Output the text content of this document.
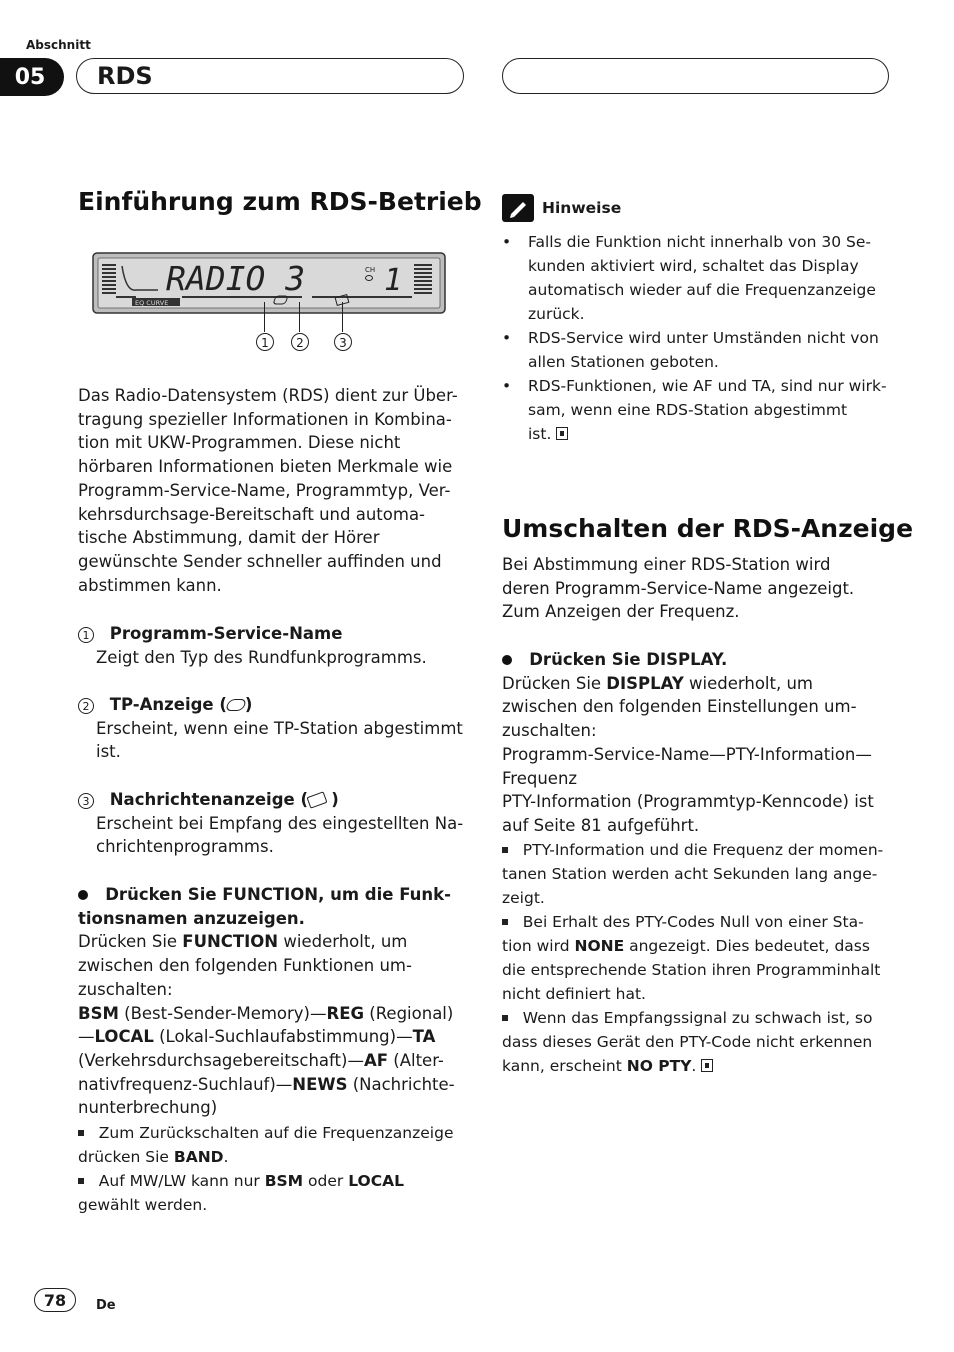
Abschnitt
05	RDS
Einführung zum RDS-Betrieb
EQ CURVE
RADIO 3	CH 1
1	2	3
Das Radio-Datensystem (RDS) dient zur Über-
tragung spezieller Informationen in Kombina-
tion mit UKW-Programmen. Diese nicht
hörbaren Informationen bieten Merkmale wie
Programm-Service-Name, Programmtyp, Ver-
kehrsdurchsage-Bereitschaft und automa-
tische Abstimmung, damit der Hörer
gewünschte Sender schneller auffinden und
abstimmen kann.
1 Programm-Service-Name
Zeigt den Typ des Rundfunkprogramms.
2 TP-Anzeige ( )
Erscheint, wenn eine TP-Station abgestimmt
ist.
3 Nachrichtenanzeige ( )
Erscheint bei Empfang des eingestellten Na-
chrichtenprogramms.
Drücken Sie FUNCTION, um die Funk-
tionsnamen anzuzeigen.
Drücken Sie FUNCTION wiederholt, um
zwischen den folgenden Funktionen um-
zuschalten:
BSM (Best-Sender-Memory)—REG (Regional)
—LOCAL (Lokal-Suchlaufabstimmung)—TA
(Verkehrsdurchsagebereitschaft)—AF (Alter-
nativfrequenz-Suchlauf)—NEWS (Nachrichte-
nunterbrechung)
Zum Zurückschalten auf die Frequenzanzeige
drücken Sie BAND.
Auf MW/LW kann nur BSM oder LOCAL
gewählt werden.
Hinweise
• Falls die Funktion nicht innerhalb von 30 Se-
kunden aktiviert wird, schaltet das Display
automatisch wieder auf die Frequenzanzeige
zurück.
• RDS-Service wird unter Umständen nicht von
allen Stationen geboten.
• RDS-Funktionen, wie AF und TA, sind nur wirk-
sam, wenn eine RDS-Station abgestimmt
ist.
Umschalten der RDS-Anzeige
Bei Abstimmung einer RDS-Station wird
deren Programm-Service-Name angezeigt.
Zum Anzeigen der Frequenz.
Drücken Sie DISPLAY.
Drücken Sie DISPLAY wiederholt, um
zwischen den folgenden Einstellungen um-
zuschalten:
Programm-Service-Name—PTY-Information—
Frequenz
PTY-Information (Programmtyp-Kenncode) ist
auf Seite 81 aufgeführt.
PTY-Information und die Frequenz der momen-
tanen Station werden acht Sekunden lang ange-
zeigt.
Bei Erhalt des PTY-Codes Null von einer Sta-
tion wird NONE angezeigt. Dies bedeutet, dass
die entsprechende Station ihren Programminhalt
nicht definiert hat.
Wenn das Empfangssignal zu schwach ist, so
dass dieses Gerät den PTY-Code nicht erkennen
kann, erscheint NO PTY.
78	De
